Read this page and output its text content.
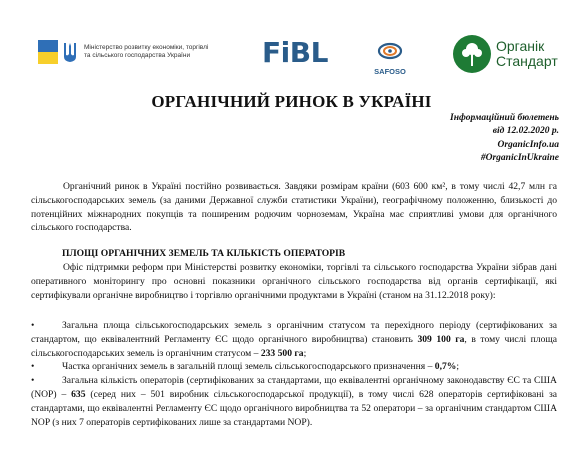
Міністерство розвитку економіки, торгівлі
та сільського господарства України	FiBL
SAFOSO
Органік
Стандарт
ОРГАНІЧНИЙ РИНОК В УКРАЇНІ
Інформаційний бюлетень
від 12.02.2020 р.
OrganicInfo.ua
#OrganicInUkraine
Органічний ринок в Україні постійно розвивається. Завдяки розмірам країни (603 600 км², в тому числі 42,7 млн га сільськогосподарських земель (за даними Державної служби статистики України), географічному положенню, близькості до потенційних міжнародних покупців та поширеним родючим чорноземам, Україна має сприятливі умови для органічного сільського господарства.
ПЛОЩІ ОРГАНІЧНИХ ЗЕМЕЛЬ ТА КІЛЬКІСТЬ ОПЕРАТОРІВ
Офіс підтримки реформ при Міністерстві розвитку економіки, торгівлі та сільського господарства України зібрав дані оперативного моніторингу про основні показники органічного сільського господарства від органів сертифікації, які сертифікували органічне виробництво і торгівлю органічними продуктами в Україні (станом на 31.12.2018 року):
•	Загальна площа сільськогосподарських земель з органічним статусом та перехідного періоду (сертифікованих за стандартом, що еквівалентний Регламенту ЄС щодо органічного виробництва) становить 309 100 га, в тому числі площа сільськогосподарських земель із органічним статусом – 233 500 га;
•	Частка органічних земель в загальній площі земель сільськогосподарського призначення – 0,7%;
•	Загальна кількість операторів (сертифікованих за стандартами, що еквівалентні органічному законодавству ЄС та США (NOP) – 635 (серед них – 501 виробник сільськогосподарської продукції), в тому числі 628 операторів сертифіковані за стандартами, що еквівалентні Регламенту ЄС щодо органічного виробництва та 52 оператори – за органічним стандартом США NOP (з них 7 операторів сертифікованих лише за стандартами NOP).
